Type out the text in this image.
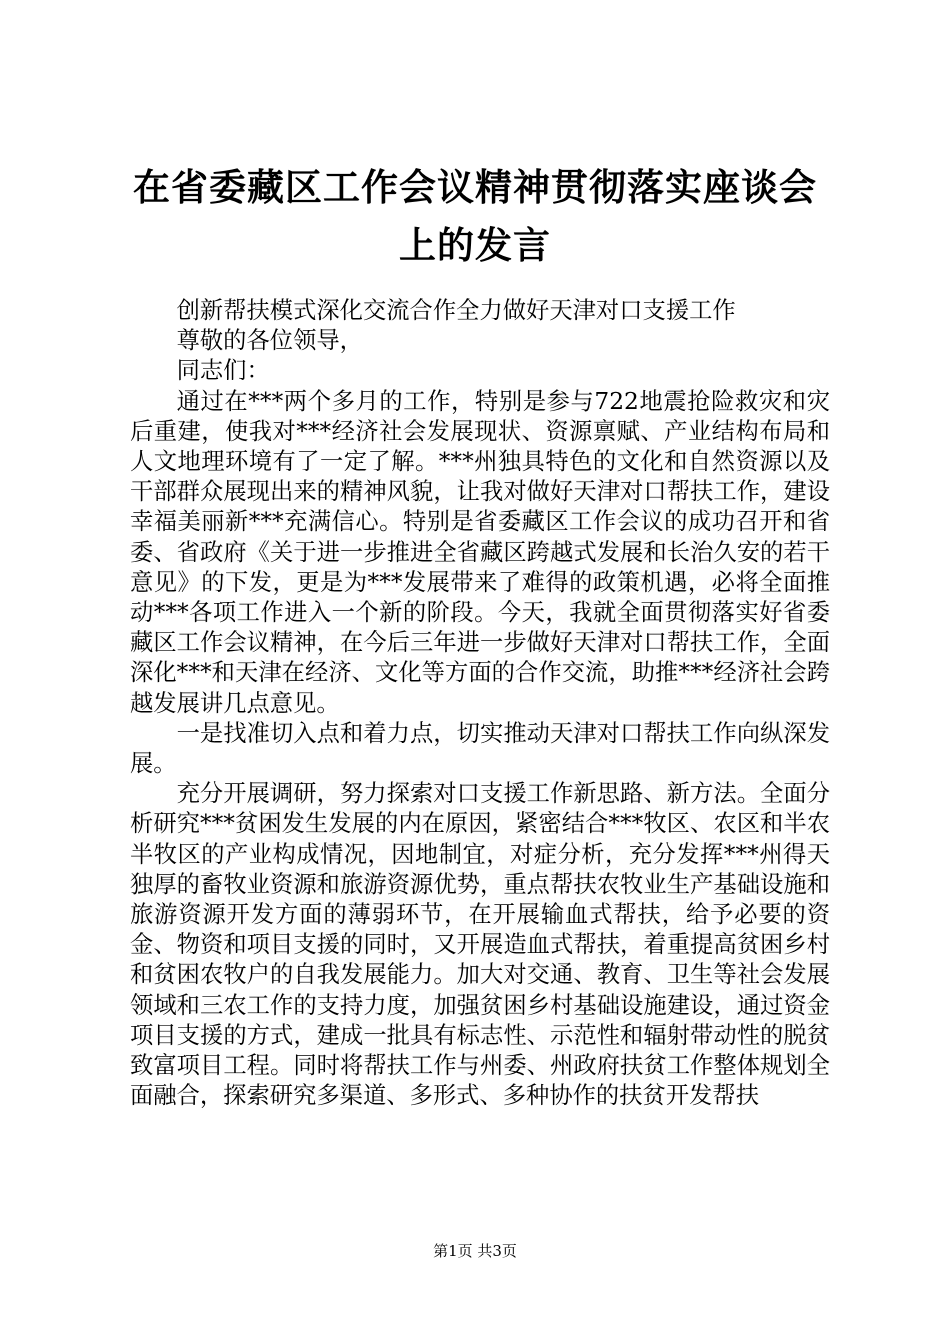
在省委藏区工作会议精神贯彻落实座谈会上的发言

创新帮扶模式深化交流合作全力做好天津对口支援工作

尊敬的各位领导，

同志们：

通过在***两个多月的工作，特别是参与722地震抢险救灾和灾后重建，使我对***经济社会发展现状、资源禀赋、产业结构布局和人文地理环境有了一定了解。***州独具特色的文化和自然资源以及干部群众展现出来的精神风貌，让我对做好天津对口帮扶工作，建设幸福美丽新***充满信心。特别是省委藏区工作会议的成功召开和省委、省政府《关于进一步推进全省藏区跨越式发展和长治久安的若干意见》的下发，更是为***发展带来了难得的政策机遇，必将全面推动***各项工作进入一个新的阶段。今天，我就全面贯彻落实好省委藏区工作会议精神，在今后三年进一步做好天津对口帮扶工作，全面深化***和天津在经济、文化等方面的合作交流，助推***经济社会跨越发展讲几点意见。

一是找准切入点和着力点，切实推动天津对口帮扶工作向纵深发展。

充分开展调研，努力探索对口支援工作新思路、新方法。全面分析研究***贫困发生发展的内在原因，紧密结合***牧区、农区和半农半牧区的产业构成情况，因地制宜，对症分析，充分发挥***州得天独厚的畜牧业资源和旅游资源优势，重点帮扶农牧业生产基础设施和旅游资源开发方面的薄弱环节，在开展输血式帮扶，给予必要的资金、物资和项目支援的同时，又开展造血式帮扶，着重提高贫困乡村和贫困农牧户的自我发展能力。加大对交通、教育、卫生等社会发展领域和三农工作的支持力度，加强贫困乡村基础设施建设，通过资金项目支援的方式，建成一批具有标志性、示范性和辐射带动性的脱贫致富项目工程。同时将帮扶工作与州委、州政府扶贫工作整体规划全面融合，探索研究多渠道、多形式、多种协作的扶贫开发帮扶

第1页 共3页
